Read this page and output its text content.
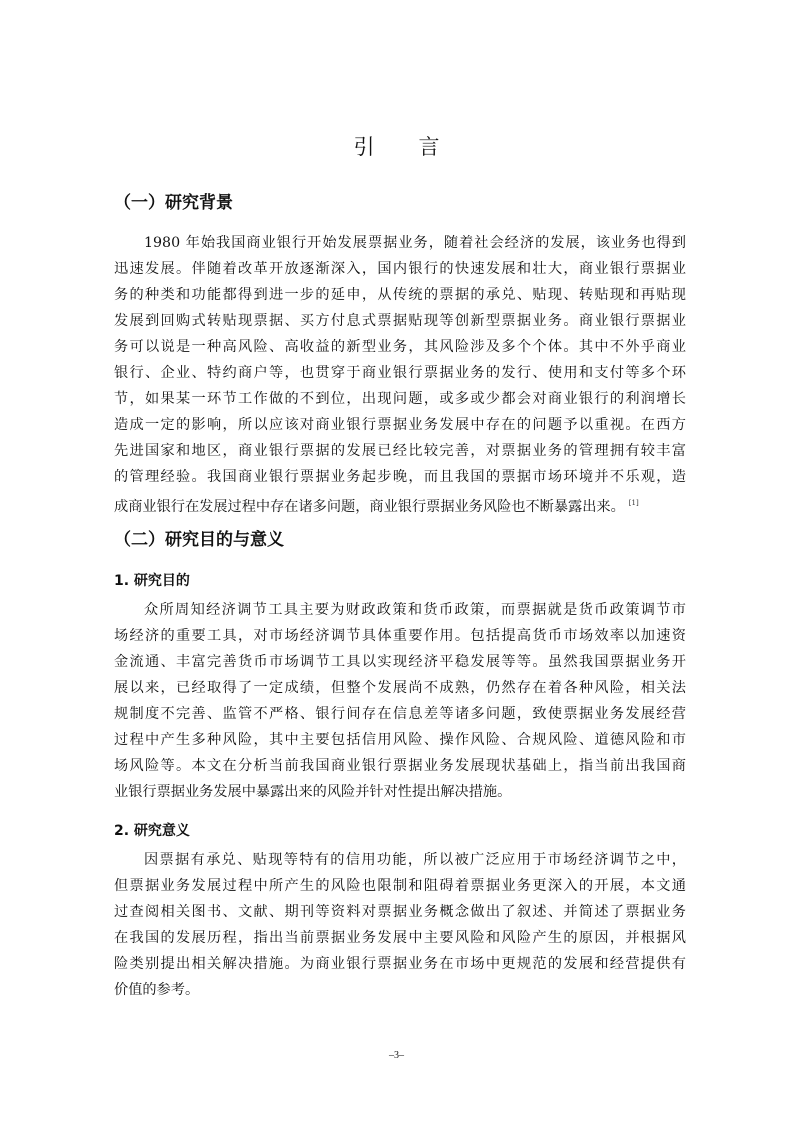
引 言
（一）研究背景
1980 年始我国商业银行开始发展票据业务，随着社会经济的发展，该业务也得到
迅速发展。伴随着改革开放逐渐深入，国内银行的快速发展和壮大，商业银行票据业
务的种类和功能都得到进一步的延申，从传统的票据的承兑、贴现、转贴现和再贴现
发展到回购式转贴现票据、买方付息式票据贴现等创新型票据业务。商业银行票据业
务可以说是一种高风险、高收益的新型业务，其风险涉及多个个体。其中不外乎商业
银行、企业、特约商户等，也贯穿于商业银行票据业务的发行、使用和支付等多个环
节，如果某一环节工作做的不到位，出现问题，或多或少都会对商业银行的利润增长
造成一定的影响，所以应该对商业银行票据业务发展中存在的问题予以重视。在西方
先进国家和地区，商业银行票据的发展已经比较完善，对票据业务的管理拥有较丰富
的管理经验。我国商业银行票据业务起步晚，而且我国的票据市场环境并不乐观，造
成商业银行在发展过程中存在诸多问题，商业银行票据业务风险也不断暴露出来。 [1]
（二）研究目的与意义
1. 研究目的
众所周知经济调节工具主要为财政政策和货币政策，而票据就是货币政策调节市
场经济的重要工具，对市场经济调节具体重要作用。包括提高货币市场效率以加速资
金流通、丰富完善货币市场调节工具以实现经济平稳发展等等。虽然我国票据业务开
展以来，已经取得了一定成绩，但整个发展尚不成熟，仍然存在着各种风险，相关法
规制度不完善、监管不严格、银行间存在信息差等诸多问题，致使票据业务发展经营
过程中产生多种风险，其中主要包括信用风险、操作风险、合规风险、道德风险和市
场风险等。本文在分析当前我国商业银行票据业务发展现状基础上，指当前出我国商
业银行票据业务发展中暴露出来的风险并针对性提出解决措施。
2. 研究意义
因票据有承兑、贴现等特有的信用功能，所以被广泛应用于市场经济调节之中，
但票据业务发展过程中所产生的风险也限制和阻碍着票据业务更深入的开展，本文通
过查阅相关图书、文献、期刊等资料对票据业务概念做出了叙述、并简述了票据业务
在我国的发展历程，指出当前票据业务发展中主要风险和风险产生的原因，并根据风
险类别提出相关解决措施。为商业银行票据业务在市场中更规范的发展和经营提供有
价值的参考。
–3–
